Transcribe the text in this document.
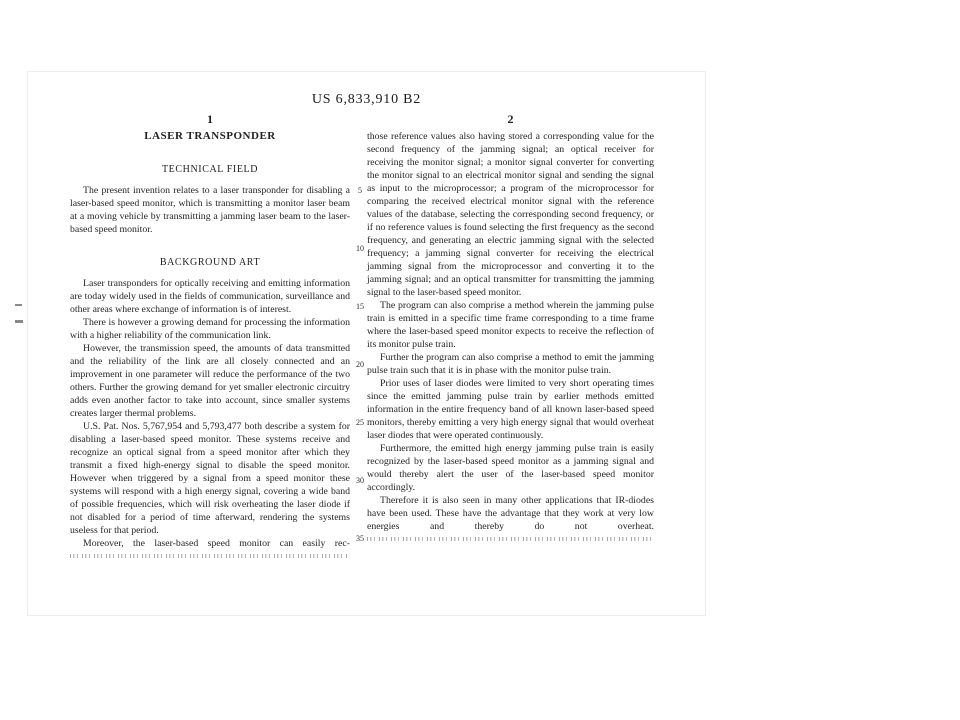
US 6,833,910 B2
5
10
15
20
25
30
35
1
LASER TRANSPONDER
TECHNICAL FIELD

The present invention relates to a laser transponder for disabling a laser-based speed monitor, which is transmitting a monitor laser beam at a moving vehicle by transmitting a jamming laser beam to the laser-based speed monitor.

BACKGROUND ART

Laser transponders for optically receiving and emitting information are today widely used in the fields of communication, surveillance and other areas where exchange of information is of interest.

There is however a growing demand for processing the information with a higher reliability of the communication link.

However, the transmission speed, the amounts of data transmitted and the reliability of the link are all closely connected and an improvement in one parameter will reduce the performance of the two others. Further the growing demand for yet smaller electronic circuitry adds even another factor to take into account, since smaller systems creates larger thermal problems.

U.S. Pat. Nos. 5,767,954 and 5,793,477 both describe a system for disabling a laser-based speed monitor. These systems receive and recognize an optical signal from a speed monitor after which they transmit a fixed high-energy signal to disable the speed monitor. However when triggered by a signal from a speed monitor these systems will respond with a high energy signal, covering a wide band of possible frequencies, which will risk overheating the laser diode if not disabled for a period of time afterward, rendering the systems useless for that period.

Moreover, the laser-based speed monitor can easily rec-

2

those reference values also having stored a corresponding value for the second frequency of the jamming signal; an optical receiver for receiving the monitor signal; a monitor signal converter for converting the monitor signal to an electrical monitor signal and sending the signal as input to the microprocessor; a program of the microprocessor for comparing the received electrical monitor signal with the reference values of the database, selecting the corresponding second frequency, or if no reference values is found selecting the first frequency as the second frequency, and generating an electric jamming signal with the selected frequency; a jamming signal converter for receiving the electrical jamming signal from the microprocessor and converting it to the jamming signal; and an optical transmitter for transmitting the jamming signal to the laser-based speed monitor.

The program can also comprise a method wherein the jamming pulse train is emitted in a specific time frame corresponding to a time frame where the laser-based speed monitor expects to receive the reflection of its monitor pulse train.

Further the program can also comprise a method to emit the jamming pulse train such that it is in phase with the monitor pulse train.

Prior uses of laser diodes were limited to very short operating times since the emitted jamming pulse train by earlier methods emitted information in the entire frequency band of all known laser-based speed monitors, thereby emitting a very high energy signal that would overheat laser diodes that were operated continuously.

Furthermore, the emitted high energy jamming pulse train is easily recognized by the laser-based speed monitor as a jamming signal and would thereby alert the user of the laser-based speed monitor accordingly.

Therefore it is also seen in many other applications that IR-diodes have been used. These have the advantage that they work at very low energies and thereby do not overheat.
